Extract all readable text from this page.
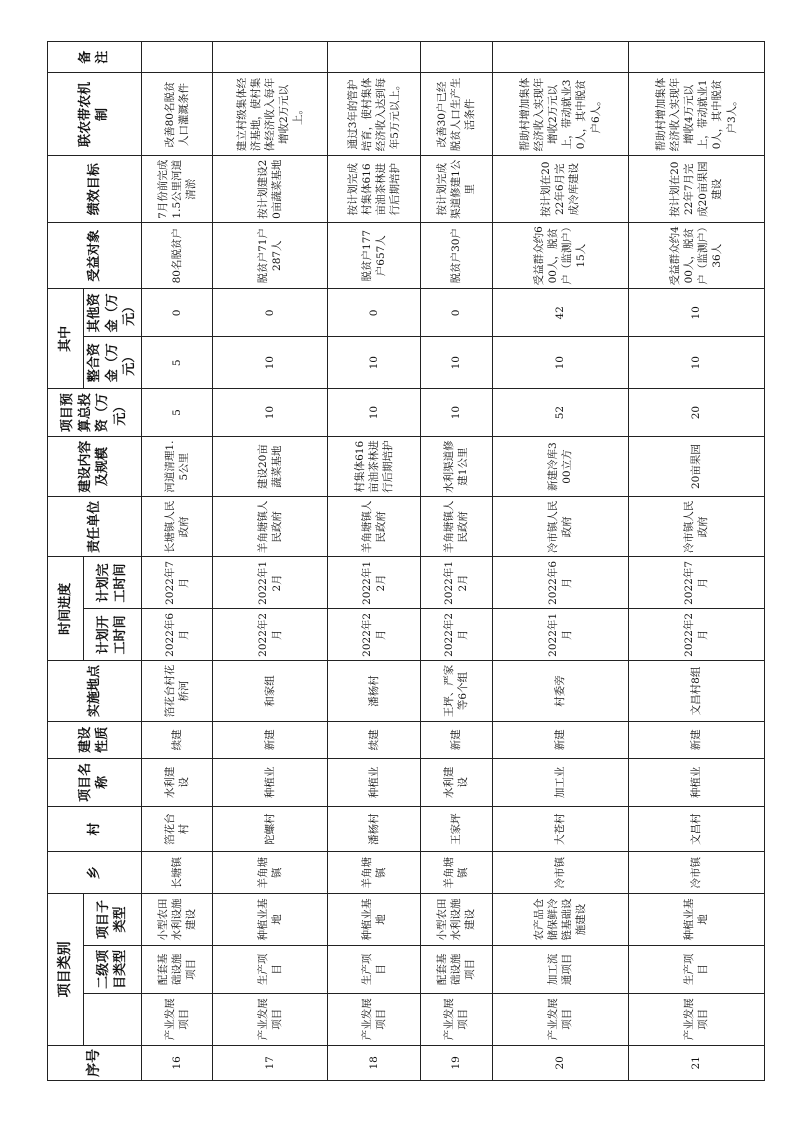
序号	项目类别			乡	村	项目名称	建设性质	实施地点	时间进度		责任单位	建设内容及规模	项目预算总投资（万元）	其中		受益对象	绩效目标	联农带农机制	备注
		二级项目类型	项目子类型						计划开工时间	计划完工时间				整合资金（万元）	其他资金（万元）				

16	产业发展项目	配套基础设施项目	小型农田水利设施建设	长塘镇	箔花台村	水利建设	续建	箔花台村花桥河	2022年6月	2022年7月	长塘镇人民政府	河道清理1.5公里	5	5	0	80名脱贫户	7月份前完成1.5公里河道清淤	改善80名脱贫人口灌溉条件	
17	产业发展项目	生产项目	种植业基地	羊角塘镇	陀螺村	种植业	新建	和家组	2022年2月	2022年12月	羊角塘镇人民政府	建设20亩蔬菜基地	10	10	0	脱贫户71户287人	按计划建设20亩蔬菜基地	建立村级集体经济基地，使村集体经济收入每年增收2万元以上。	
18	产业发展项目	生产项目	种植业基地	羊角塘镇	潘杨村	种植业	续建	潘杨村	2022年2月	2022年12月	羊角塘镇人民政府	村集体616亩油茶林进行后期培护	10	10	0	脱贫户177户657人	按计划完成村集体616亩油茶林进行后期培护	通过3年的管护培育，使村集体经济收入达到每年5万元以上。	
19	产业发展项目	配套基础设施项目	小型农田水利设施建设	羊角塘镇	王家坪	水利建设	新建	王坪、严家等6个组	2022年2月	2022年12月	羊角塘镇人民政府	水利渠道修建1公里	10	10	0	脱贫户30户	按计划完成渠道修建1公里	改善30户已经脱贫人口生产生活条件	
20	产业发展项目	加工流通项目	农产品仓储保鲜冷链基础设施建设	冷市镇	大苍村	加工业	新建	村委旁	2022年1月	2022年6月	冷市镇人民政府	新建冷库300立方	52	10	42	受益群众约600人，脱贫户（监测户）15人	按计划在2022年6月完成冷库建设	帮助村增加集体经济收入实现年增收2万元以上，带动就业30人，其中脱贫户6人。	
21	产业发展项目	生产项目	种植业基地	冷市镇	文昌村	种植业	新建	文昌村8组	2022年2月	2022年7月	冷市镇人民政府	20亩果园	20	10	10	受益群众约400人，脱贫户（监测户）36人	按计划在2022年7月完成20亩果园建设	帮助村增加集体经济收入实现年增收4万元以上，带动就业10人，其中脱贫户3人。	
